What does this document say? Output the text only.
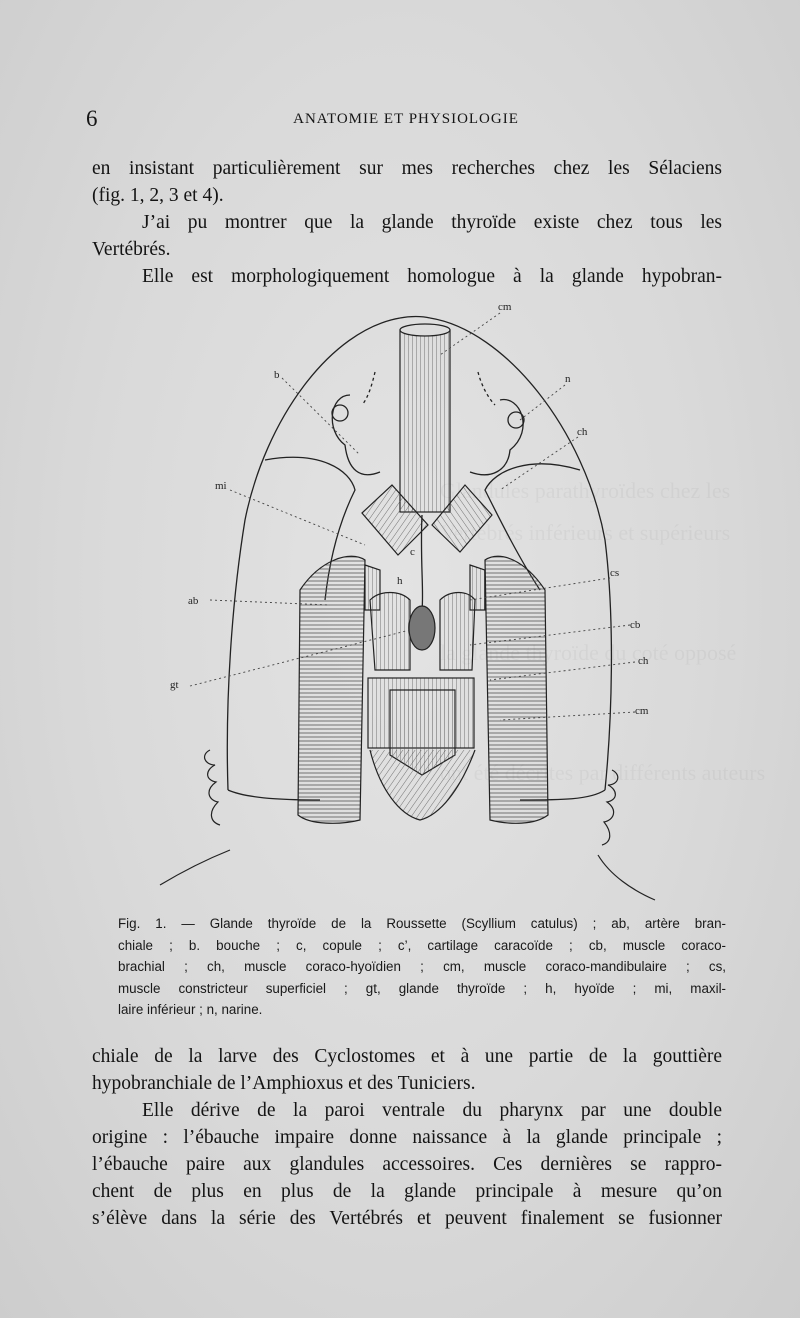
6	ANATOMIE ET PHYSIOLOGIE
en insistant particulièrement sur mes recherches chez les Sélaciens
(fig. 1, 2, 3 et 4).
J’ai pu montrer que la glande thyroïde existe chez tous les
Vertébrés.
Elle est morphologiquement homologue à la glande hypobran-
cm
b	n
ch
mi
cs
ab
cb
ch
gt
cm
c
h
Fig. 1. — Glande thyroïde de la Roussette (Scyllium catulus) ; ab, artère bran-
chiale ; b. bouche ; c, copule ; c’, cartilage caracoïde ; cb, muscle coraco-
brachial ; ch, muscle coraco-hyoïdien ; cm, muscle coraco-mandibulaire ; cs,
muscle constricteur superficiel ; gt, glande thyroïde ; h, hyoïde ; mi, maxil-
laire inférieur ; n, narine.
chiale de la larve des Cyclostomes et à une partie de la gouttière
hypobranchiale de l’Amphioxus et des Tuniciers.
Elle dérive de la paroi ventrale du pharynx par une double
origine : l’ébauche impaire donne naissance à la glande principale ;
l’ébauche paire aux glandules accessoires. Ces dernières se rappro-
chent de plus en plus de la glande principale à mesure qu’on
s’élève dans la série des Vertébrés et peuvent finalement se fusionner
